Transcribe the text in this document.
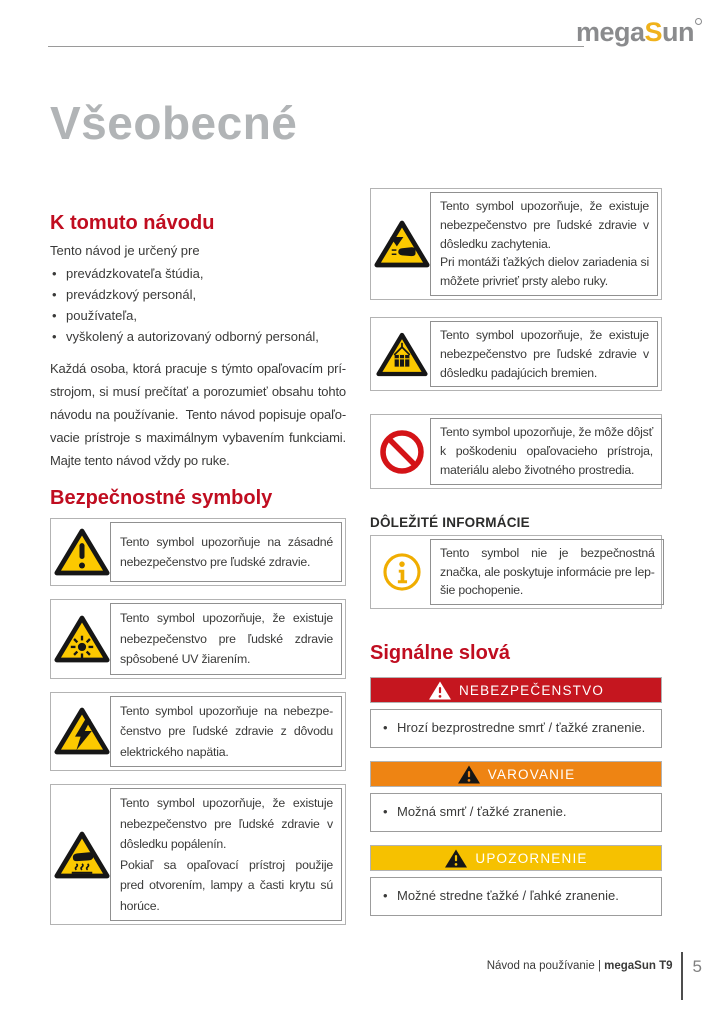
megaSun
Všeobecné
K tomuto návodu
Tento návod je určený pre
• prevádzkovateľa štúdia,
• prevádzkový personál,
• používateľa,
• vyškolený a autorizovaný odborný personál,
Každá osoba, ktorá pracuje s týmto opaľovacím prí-
strojom, si musí prečítať a porozumieť obsahu tohto
návodu na používanie.  Tento návod popisuje opaľo-
vacie prístroje s maximálnym vybavením funkciami.
Majte tento návod vždy po ruke.
Bezpečnostné symboly
Tento symbol upozorňuje na zásadné
nebezpečenstvo pre ľudské zdravie.
Tento symbol upozorňuje, že existuje
nebezpečenstvo pre ľudské zdravie
spôsobené UV žiarením.
Tento symbol upozorňuje na nebezpe-
čenstvo pre ľudské zdravie z dôvodu
elektrického napätia.
Tento symbol upozorňuje, že existuje
nebezpečenstvo pre ľudské zdravie v
dôsledku popálenín.
Pokiaľ sa opaľovací prístroj použije
pred otvorením, lampy a časti krytu sú
horúce.
Tento symbol upozorňuje, že existuje
nebezpečenstvo pre ľudské zdravie v
dôsledku zachytenia.
Pri montáži ťažkých dielov zariadenia si
môžete privrieť prsty alebo ruky.
Tento symbol upozorňuje, že existuje
nebezpečenstvo pre ľudské zdravie v
dôsledku padajúcich bremien.
Tento symbol upozorňuje, že môže dôjsť
k poškodeniu opaľovacieho prístroja,
materiálu alebo životného prostredia.
DÔLEŽITÉ INFORMÁCIE
Tento symbol nie je bezpečnostná
značka, ale poskytuje informácie pre lep-
šie pochopenie.
Signálne slová
NEBEZPEČENSTVO
• Hrozí bezprostredne smrť / ťažké zranenie.
VAROVANIE
• Možná smrť / ťažké zranenie.
UPOZORNENIE
• Možné stredne ťažké / ľahké zranenie.
Návod na používanie | megaSun T9 5
